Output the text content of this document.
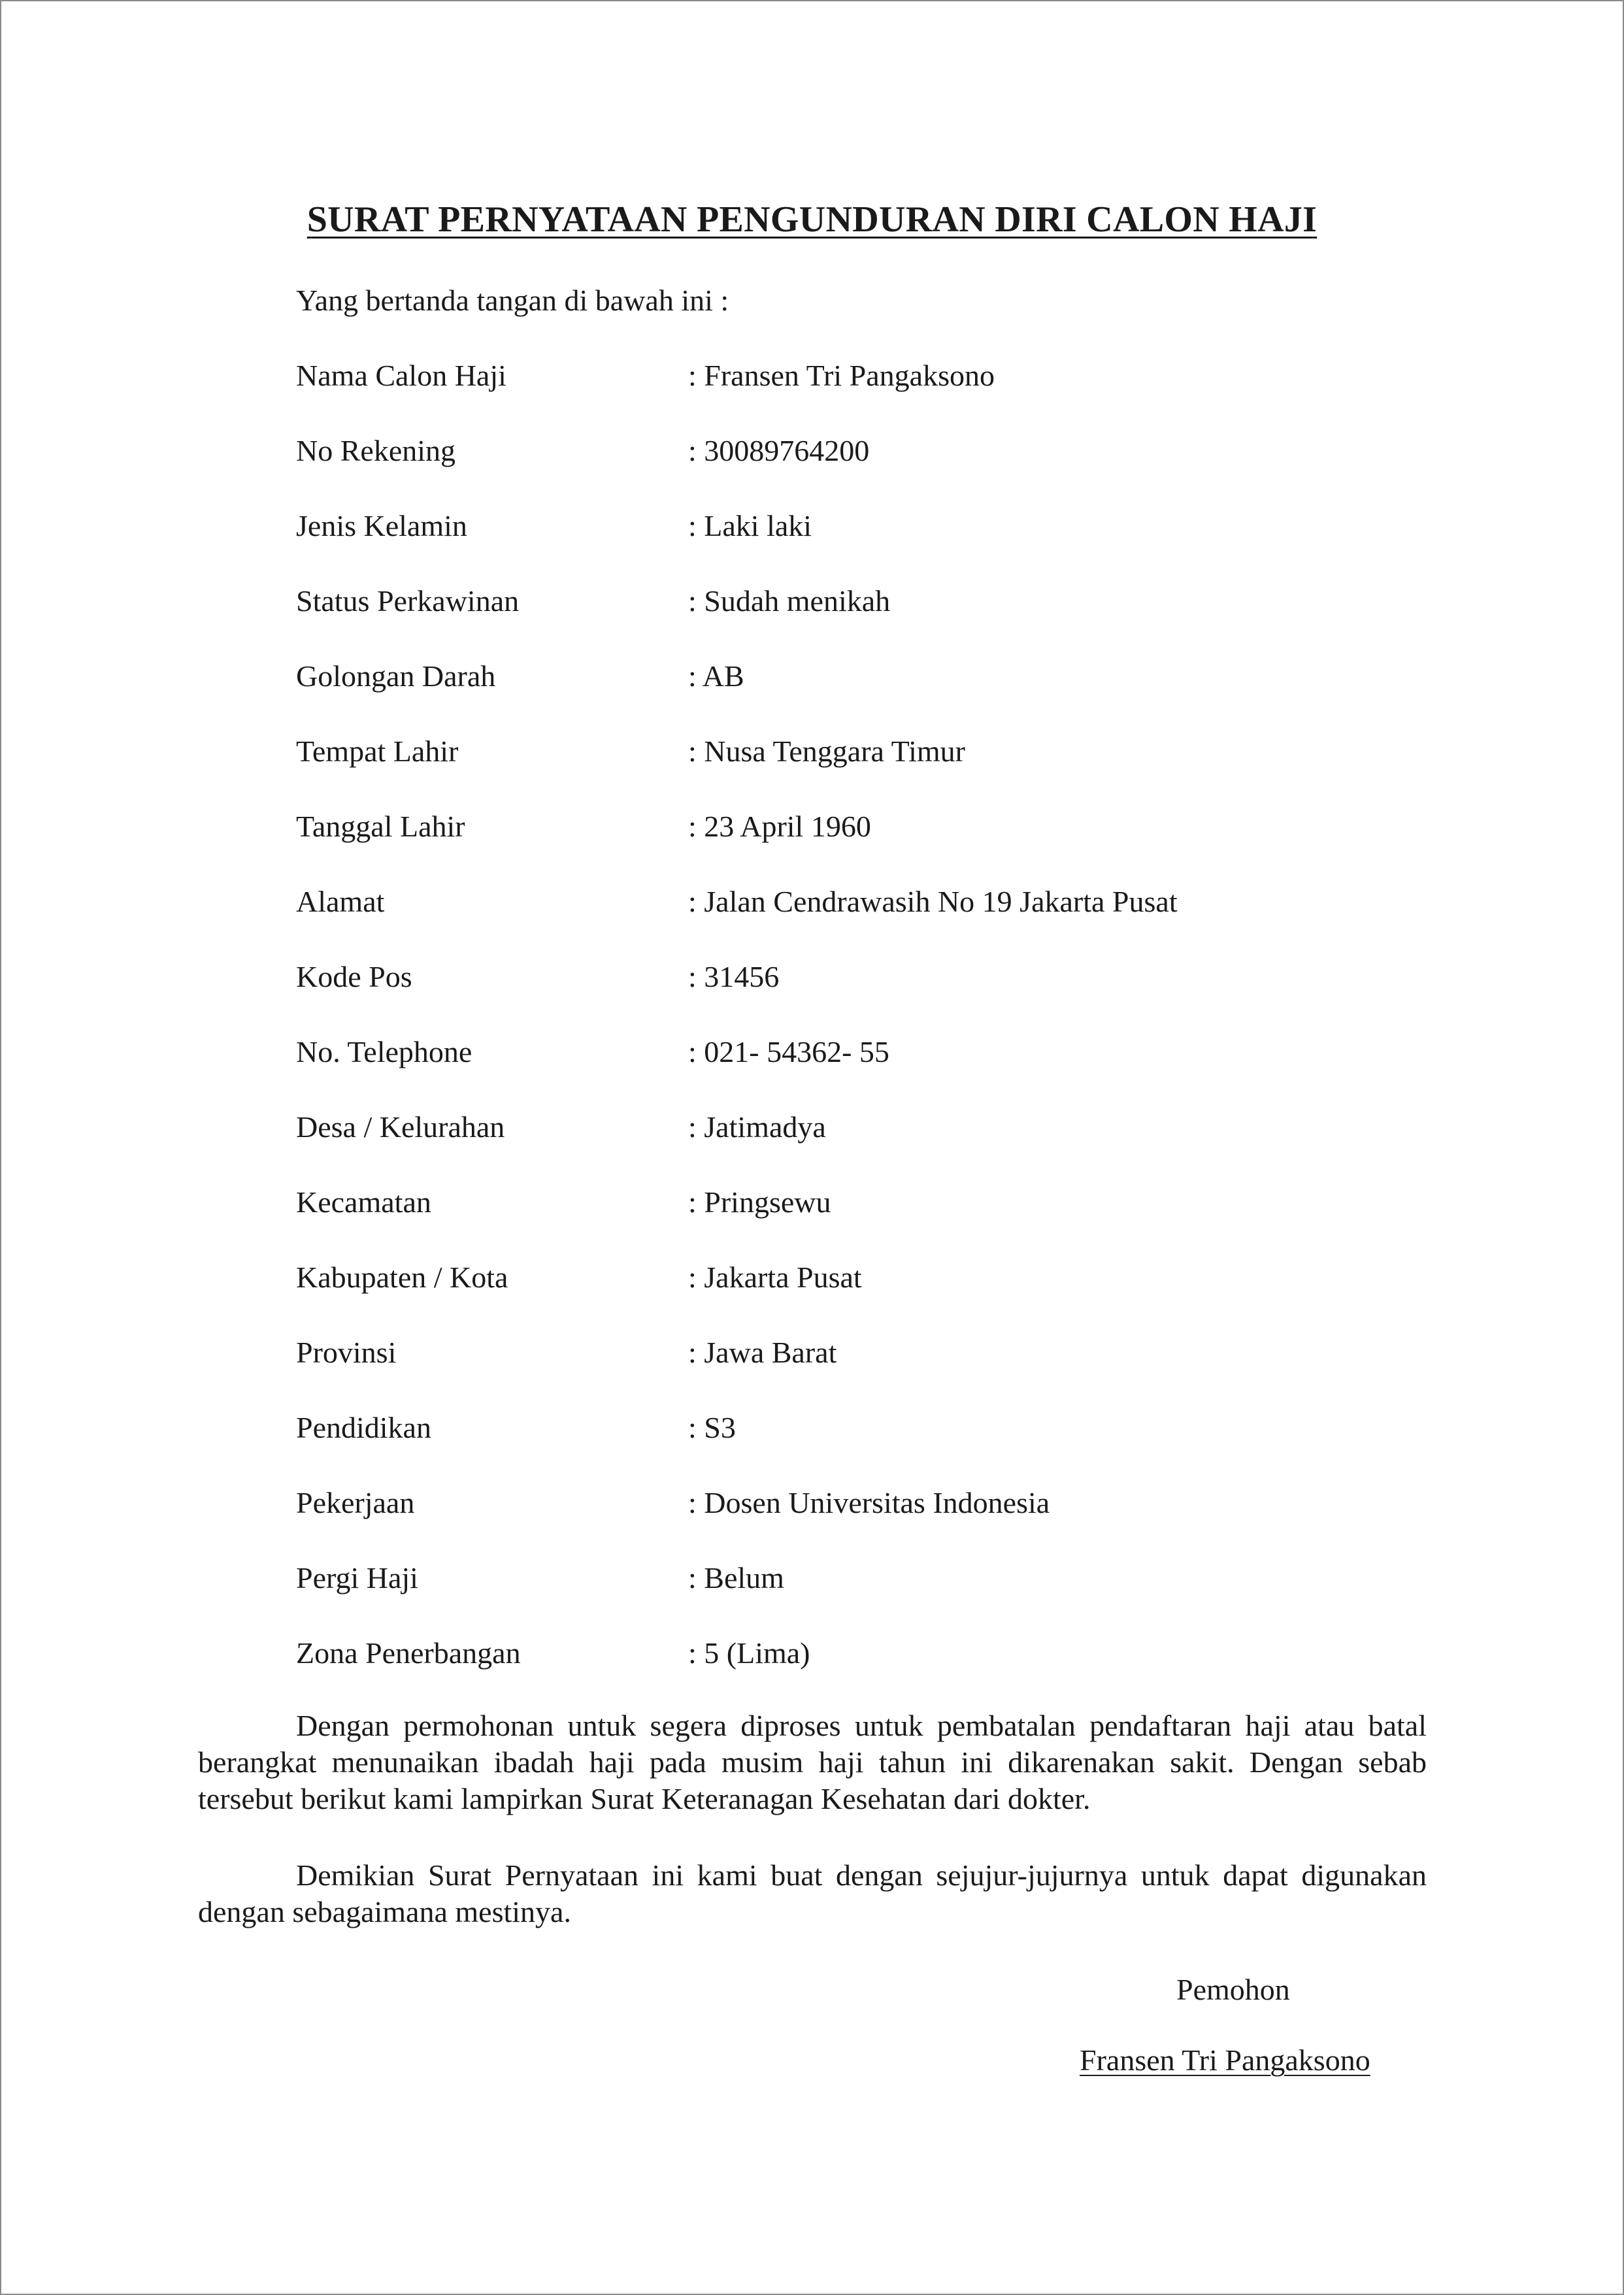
SURAT PERNYATAAN PENGUNDURAN DIRI CALON HAJI
Yang bertanda tangan di bawah ini :
Nama Calon Haji	: Fransen Tri Pangaksono
No Rekening	: 30089764200
Jenis Kelamin	: Laki laki
Status Perkawinan	: Sudah menikah
Golongan Darah	: AB
Tempat Lahir	: Nusa Tenggara Timur
Tanggal Lahir	: 23 April 1960
Alamat	: Jalan Cendrawasih No 19 Jakarta Pusat
Kode Pos	: 31456
No. Telephone	: 021- 54362- 55
Desa / Kelurahan	: Jatimadya
Kecamatan	: Pringsewu
Kabupaten / Kota	: Jakarta Pusat
Provinsi	: Jawa Barat
Pendidikan	: S3
Pekerjaan	: Dosen Universitas Indonesia
Pergi Haji	: Belum
Zona Penerbangan	: 5 (Lima)
Dengan permohonan untuk segera diproses untuk pembatalan pendaftaran haji atau batal berangkat menunaikan ibadah haji pada musim haji tahun ini dikarenakan sakit. Dengan sebab tersebut berikut kami lampirkan Surat Keteranagan Kesehatan dari dokter.
Demikian Surat Pernyataan ini kami buat dengan sejujur-jujurnya untuk dapat digunakan dengan sebagaimana mestinya.
Pemohon
Fransen Tri Pangaksono
